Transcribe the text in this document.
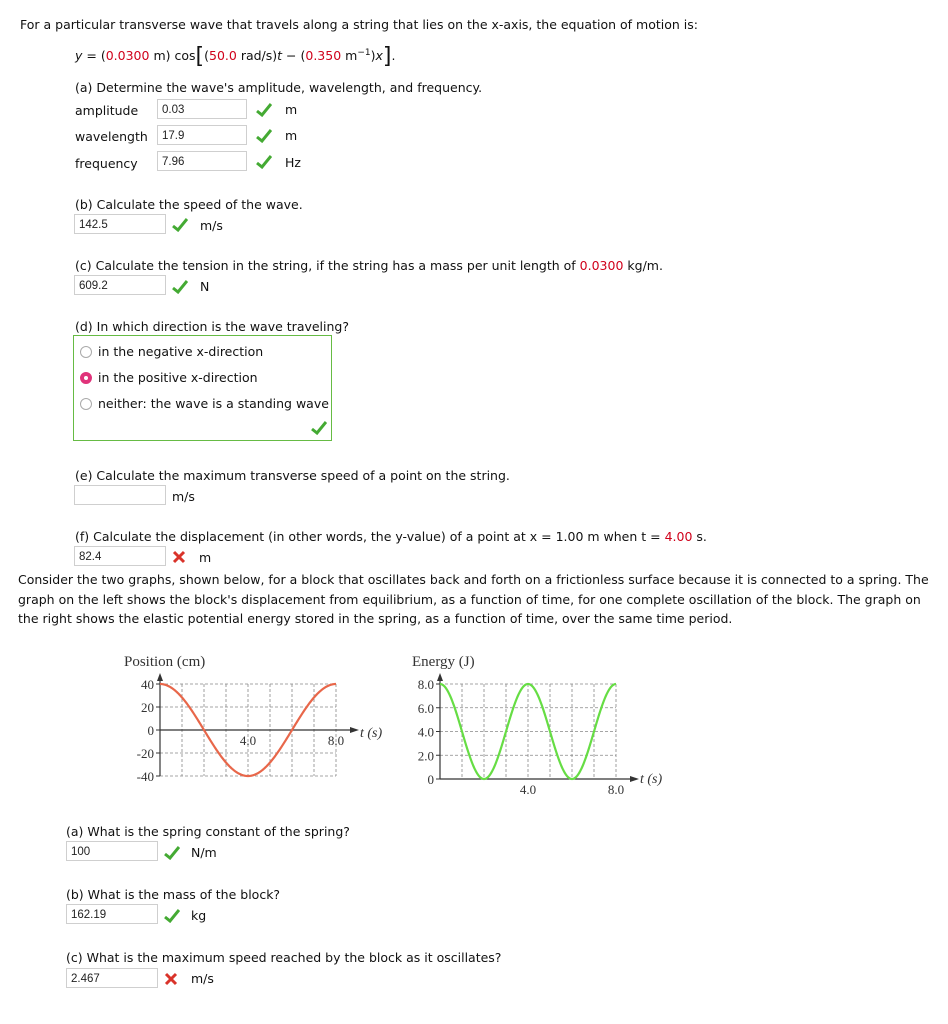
For a particular transverse wave that travels along a string that lies on the x-axis, the equation of motion is:
y = (0.0300 m) cos[(50.0 rad/s)t − (0.350 $m^{-1})x$].
(a) Determine the wave's amplitude, wavelength, and frequency.
amplitude	0.03	m
wavelength	17.9	m
frequency	7.96	Hz
(b) Calculate the speed of the wave.
142.5	m/s
(c) Calculate the tension in the string, if the string has a mass per unit length of 0.0300 kg/m.
609.2	N
(d) In which direction is the wave traveling?
in the negative x-direction
in the positive x-direction
neither: the wave is a standing wave
(e) Calculate the maximum transverse speed of a point on the string.
m/s
(f) Calculate the displacement (in other words, the y-value) of a point at x = 1.00 m when t = 4.00 s.
82.4	m
Consider the two graphs, shown below, for a block that oscillates back and forth on a frictionless surface because it is connected to a spring. The
graph on the left shows the block's displacement from equilibrium, as a function of time, for one complete oscillation of the block. The graph on
the right shows the elastic potential energy stored in the spring, as a function of time, over the same time period.
Position (cm)
40
20
0
-20
-40
4.0	8.0 t (s)
Energy (J)
8.0
6.0
4.0
2.0
0
4.0	8.0
t (s)
(a) What is the spring constant of the spring?
100	N/m
(b) What is the mass of the block?
162.19	kg
(c) What is the maximum speed reached by the block as it oscillates?
2.467	m/s
